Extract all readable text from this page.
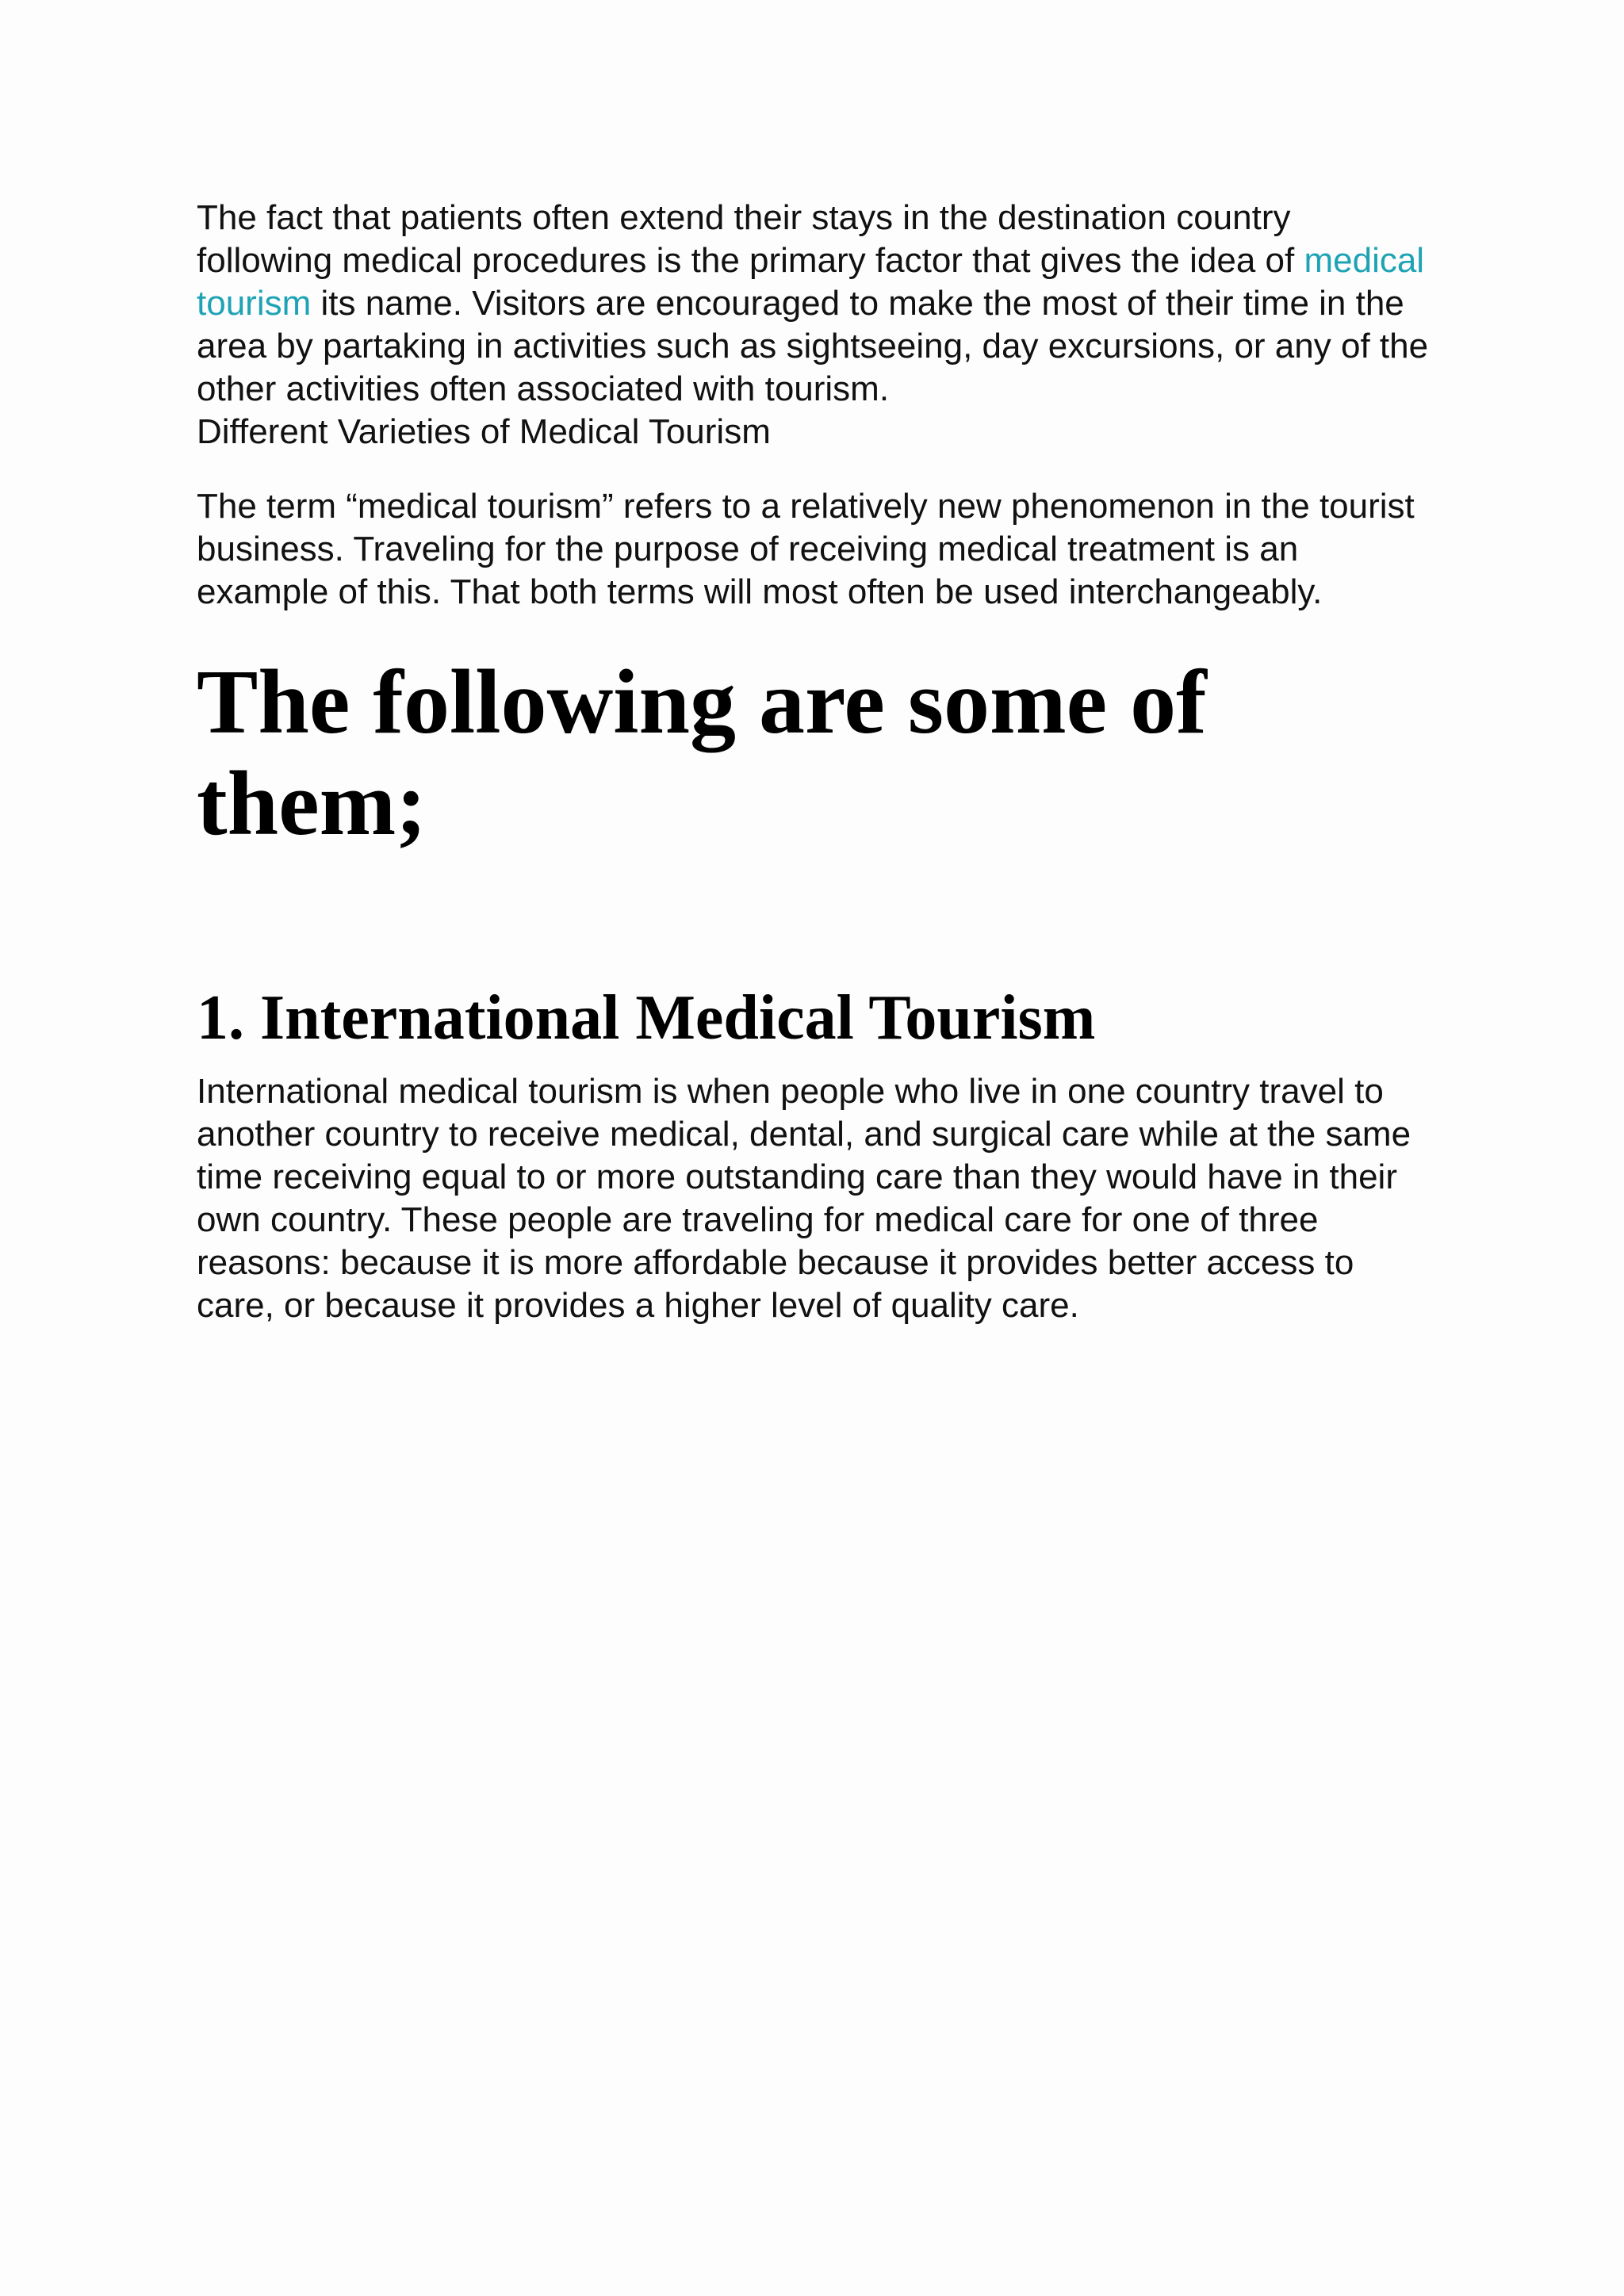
The fact that patients often extend their stays in the destination country following medical procedures is the primary factor that gives the idea of medical tourism its name. Visitors are encouraged to make the most of their time in the area by partaking in activities such as sightseeing, day excursions, or any of the other activities often associated with tourism.
Different Varieties of Medical Tourism

The term “medical tourism” refers to a relatively new phenomenon in the tourist business. Traveling for the purpose of receiving medical treatment is an example of this. That both terms will most often be used interchangeably.

The following are some of them;
1. International Medical Tourism

International medical tourism is when people who live in one country travel to another country to receive medical, dental, and surgical care while at the same time receiving equal to or more outstanding care than they would have in their own country. These people are traveling for medical care for one of three reasons: because it is more affordable because it provides better access to care, or because it provides a higher level of quality care.
